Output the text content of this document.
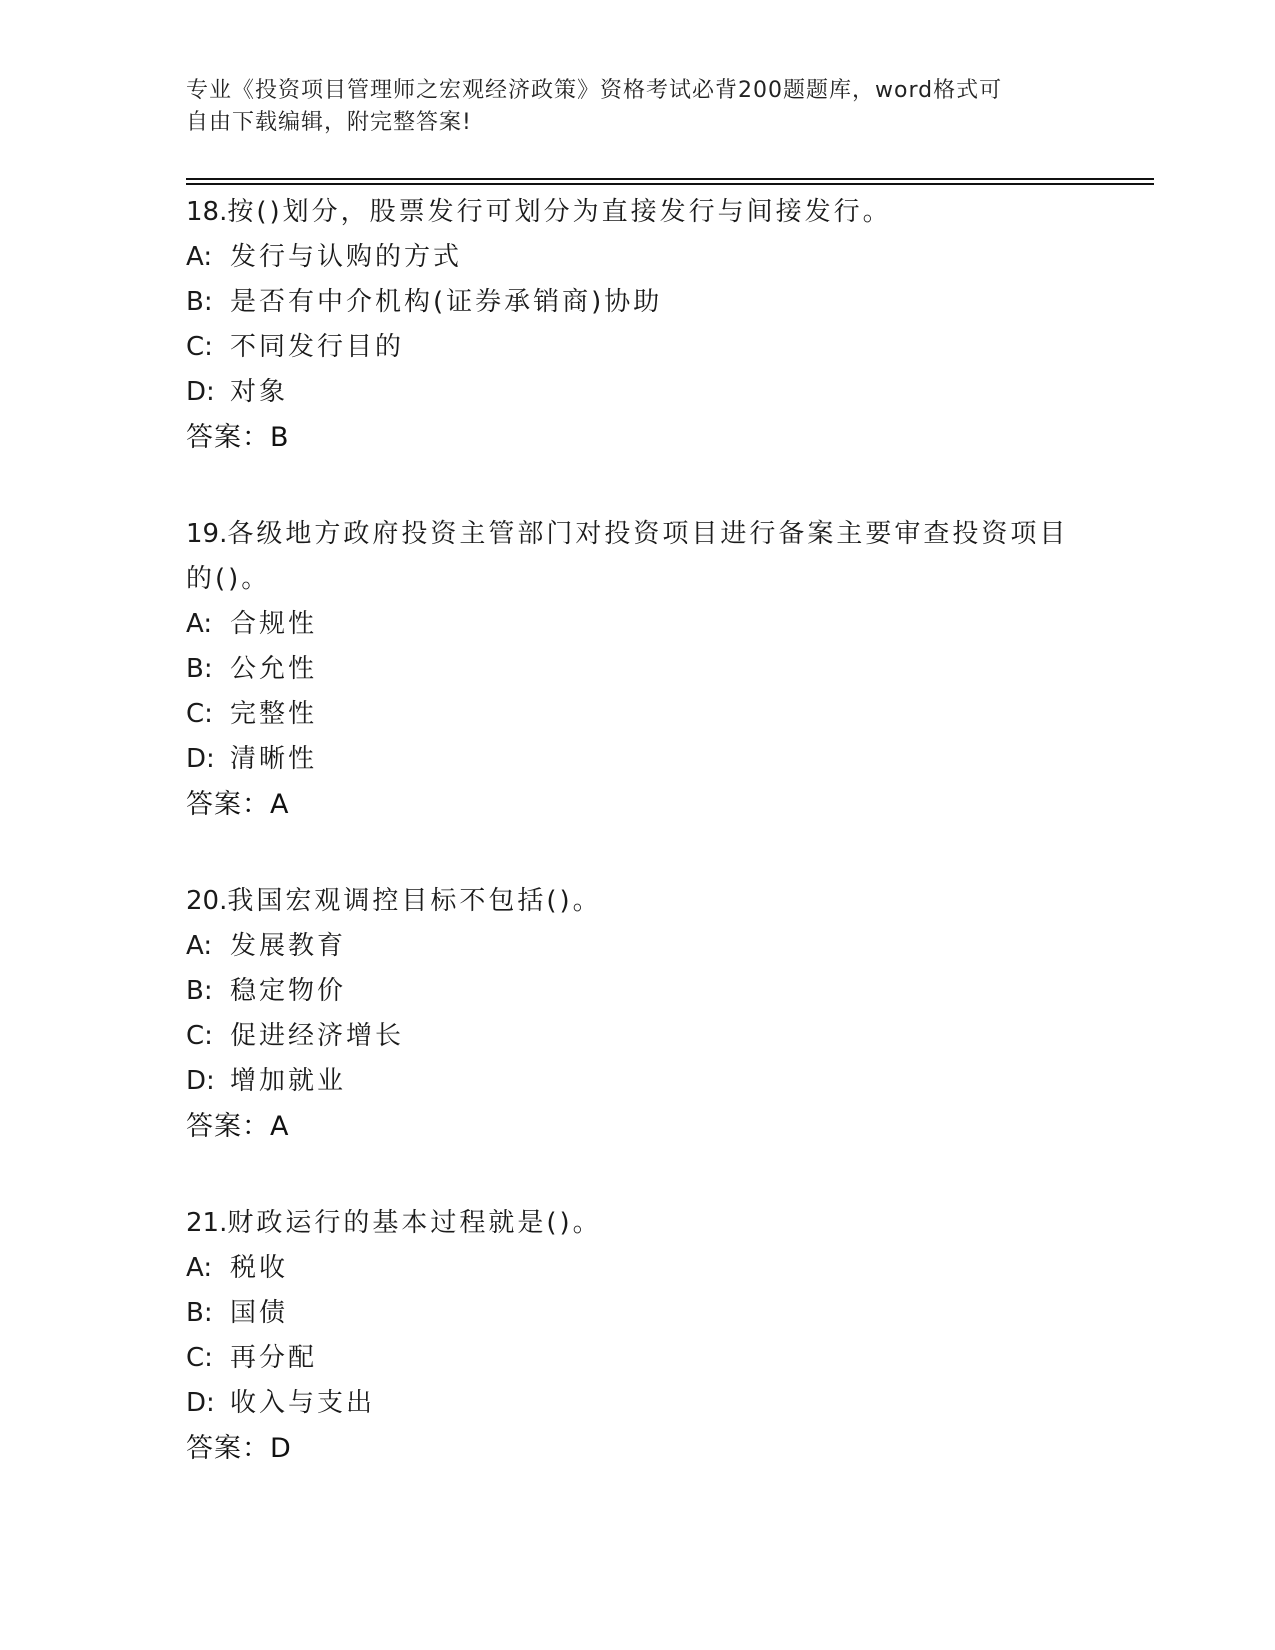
专业《投资项目管理师之宏观经济政策》资格考试必背200题题库，word格式可
自由下载编辑，附完整答案!

18.按()划分，股票发行可划分为直接发行与间接发行。

A: 发行与认购的方式

B: 是否有中介机构(证券承销商)协助

C: 不同发行目的

D: 对象

答案：B

19.各级地方政府投资主管部门对投资项目进行备案主要审查投资项目的()。

A: 合规性

B: 公允性

C: 完整性

D: 清晰性

答案：A

20.我国宏观调控目标不包括()。

A: 发展教育

B: 稳定物价

C: 促进经济增长

D: 增加就业

答案：A

21.财政运行的基本过程就是()。

A: 税收

B: 国债

C: 再分配

D: 收入与支出

答案：D
